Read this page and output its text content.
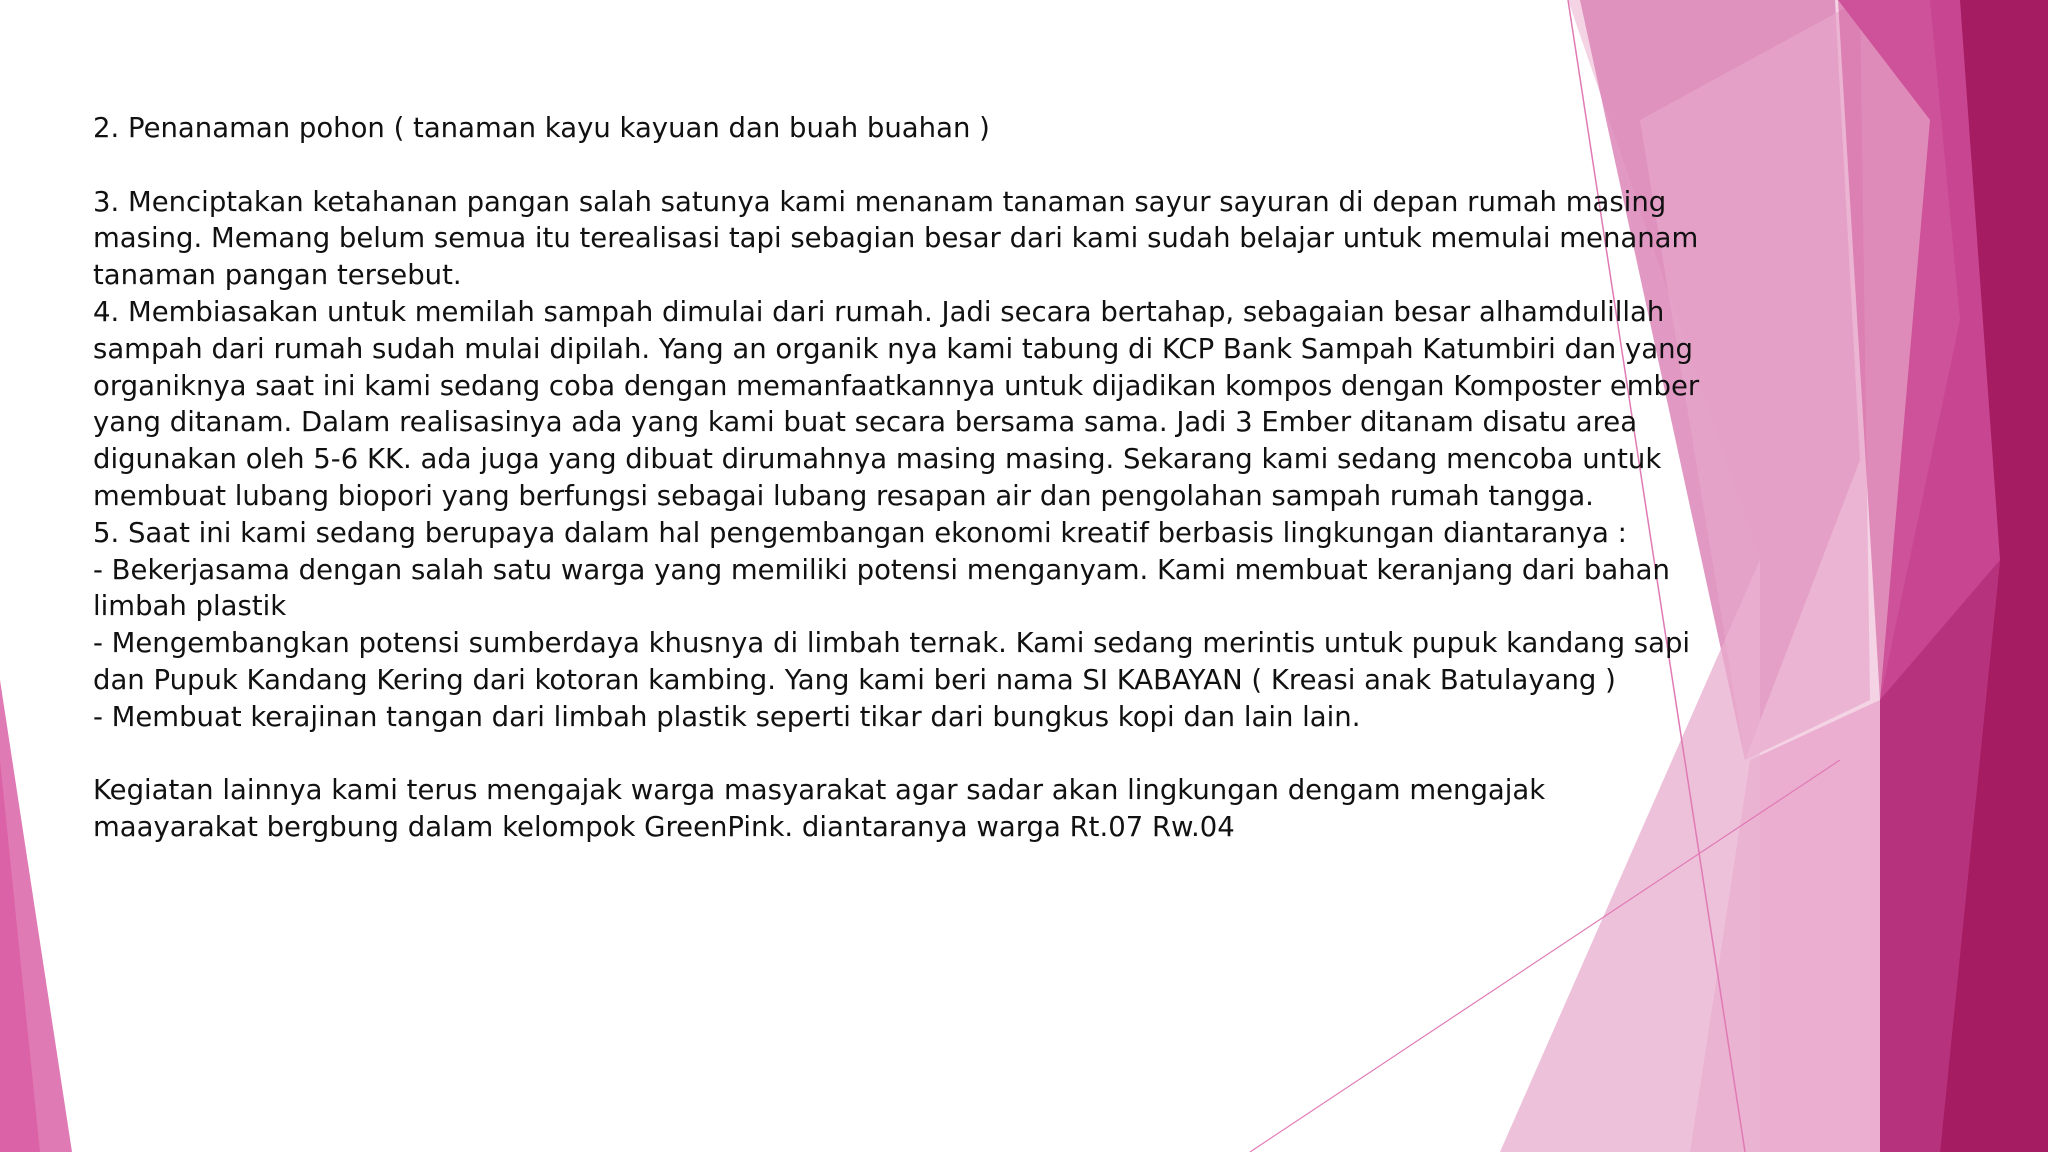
2. Penanaman pohon ( tanaman kayu kayuan dan buah buahan )

3. Menciptakan ketahanan pangan salah satunya kami menanam tanaman sayur sayuran di depan rumah masing masing. Memang belum semua itu terealisasi tapi sebagian besar dari kami sudah belajar untuk memulai menanam tanaman pangan tersebut.

4. Membiasakan untuk memilah sampah dimulai dari rumah. Jadi secara bertahap, sebagaian besar alhamdulillah sampah dari rumah sudah mulai dipilah. Yang an organik nya kami tabung di KCP Bank Sampah Katumbiri dan yang organiknya saat ini kami sedang coba dengan memanfaatkannya untuk dijadikan kompos dengan Komposter ember yang ditanam. Dalam realisasinya ada yang kami buat secara bersama sama. Jadi 3 Ember ditanam disatu area digunakan oleh 5-6 KK. ada juga yang dibuat dirumahnya masing masing. Sekarang kami sedang mencoba untuk membuat lubang biopori yang berfungsi sebagai lubang resapan air dan pengolahan sampah rumah tangga.

5. Saat ini kami sedang berupaya dalam hal pengembangan ekonomi kreatif berbasis lingkungan diantaranya :

- Bekerjasama dengan salah satu warga yang memiliki potensi menganyam. Kami membuat keranjang dari bahan limbah plastik

- Mengembangkan potensi sumberdaya khusnya di limbah ternak. Kami sedang merintis untuk pupuk kandang sapi dan Pupuk Kandang Kering dari kotoran kambing. Yang kami beri nama SI KABAYAN ( Kreasi anak Batulayang )

- Membuat kerajinan tangan dari limbah plastik seperti tikar dari bungkus kopi dan lain lain.

Kegiatan lainnya kami terus mengajak warga masyarakat agar sadar akan lingkungan dengam mengajak maayarakat bergbung dalam kelompok GreenPink. diantaranya warga Rt.07 Rw.04
